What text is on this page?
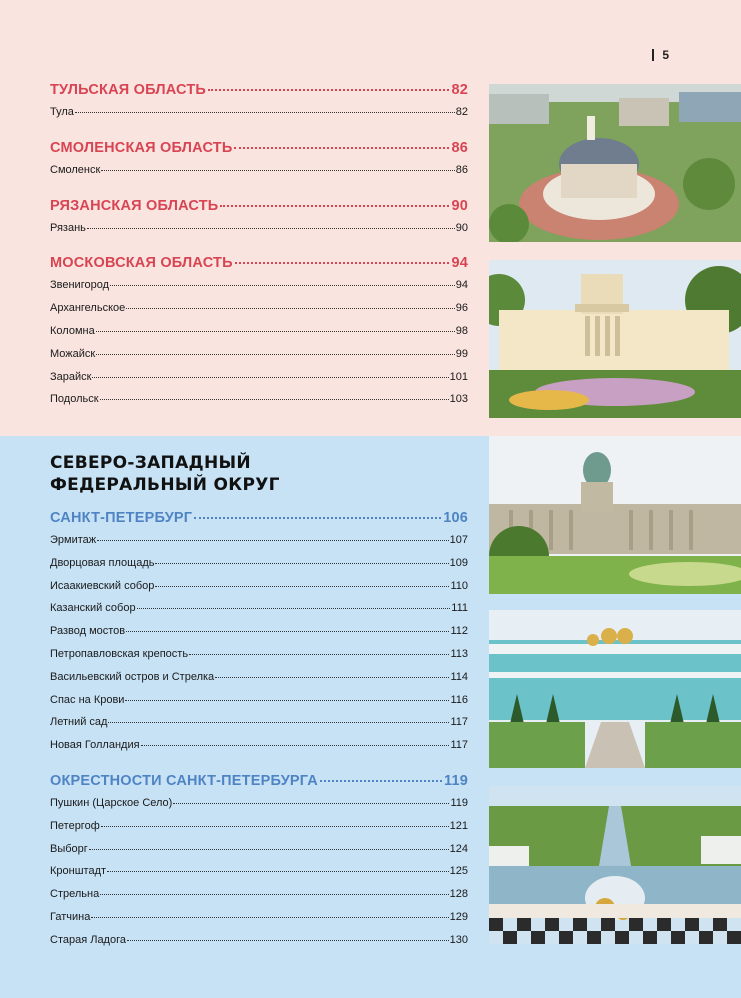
5
ТУЛЬСКАЯ ОБЛАСТЬ	82
Тула	82
СМОЛЕНСКАЯ ОБЛАСТЬ	86
Смоленск	86
РЯЗАНСКАЯ ОБЛАСТЬ	90
Рязань	90
МОСКОВСКАЯ ОБЛАСТЬ	94
Звенигород	94
Архангельское	96
Коломна	98
Можайск	99
Зарайск	101
Подольск	103
СЕВЕРО-ЗАПАДНЫЙ
ФЕДЕРАЛЬНЫЙ ОКРУГ
САНКТ-ПЕТЕРБУРГ	106
Эрмитаж	107
Дворцовая площадь	109
Исаакиевский собор	110
Казанский собор	111
Развод мостов	112
Петропавловская крепость	113
Васильевский остров и Стрелка	114
Спас на Крови	116
Летний сад	117
Новая Голландия	117
ОКРЕСТНОСТИ САНКТ-ПЕТЕРБУРГА	119
Пушкин (Царское Село)	119
Петергоф	121
Выборг	124
Кронштадт	125
Стрельна	128
Гатчина	129
Старая Ладога	130
